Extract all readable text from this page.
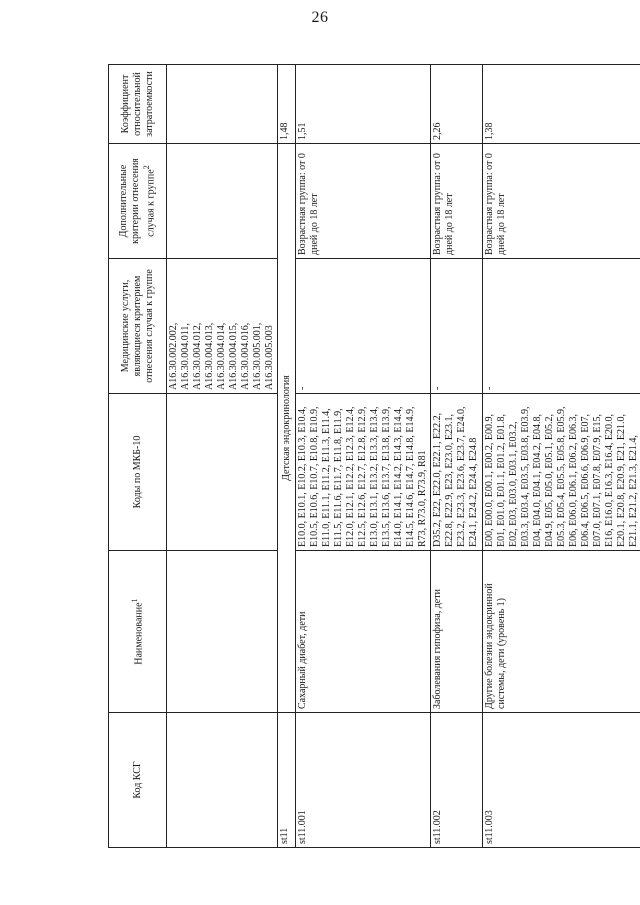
26
Код КСГ	Наименование$^1$	Коды по МКБ-10	Медицинские услуги, являющиеся критерием отнесения случая к группе	Дополнительные критерии отнесения случая к группе$^2$	Коэффициент относительной затратоемкости
			A16.30.002.002, A16.30.004.011, A16.30.004.012, A16.30.004.013, A16.30.004.014, A16.30.004.015, A16.30.004.016, A16.30.005.001, A16.30.005.003		
st11	Детская эндокринология				1,48
st11.001	Сахарный диабет, дети	E10.0, E10.1, E10.2, E10.3, E10.4, E10.5, E10.6, E10.7, E10.8, E10.9, E11.0, E11.1, E11.2, E11.3, E11.4, E11.5, E11.6, E11.7, E11.8, E11.9, E12.0, E12.1, E12.2, E12.3, E12.4, E12.5, E12.6, E12.7, E12.8, E12.9, E13.0, E13.1, E13.2, E13.3, E13.4, E13.5, E13.6, E13.7, E13.8, E13.9, E14.0, E14.1, E14.2, E14.3, E14.4, E14.5, E14.6, E14.7, E14.8, E14.9, R73, R73.0, R73.9, R81	-	Возрастная группа: от 0 дней до 18 лет	1,51
st11.002	Заболевания гипофиза, дети	D35.2, E22, E22.0, E22.1, E22.2, E22.8, E22.9, E23, E23.0, E23.1, E23.2, E23.3, E23.6, E23.7, E24.0, E24.1, E24.2, E24.4, E24.8	-	Возрастная группа: от 0 дней до 18 лет	2,26
st11.003	Другие болезни эндокринной системы, дети (уровень 1)	E00, E00.0, E00.1, E00.2, E00.9, E01, E01.0, E01.1, E01.2, E01.8, E02, E03, E03.0, E03.1, E03.2, E03.3, E03.4, E03.5, E03.8, E03.9, E04, E04.0, E04.1, E04.2, E04.8, E04.9, E05, E05.0, E05.1, E05.2, E05.3, E05.4, E05.5, E05.8, E05.9, E06, E06.0, E06.1, E06.2, E06.3, E06.4, E06.5, E06.6, E06.9, E07, E07.0, E07.1, E07.8, E07.9, E15, E16, E16.0, E16.3, E16.4, E20.0, E20.1, E20.8, E20.9, E21, E21.0, E21.1, E21.2, E21.3, E21.4,	-	Возрастная группа: от 0 дней до 18 лет	1,38
